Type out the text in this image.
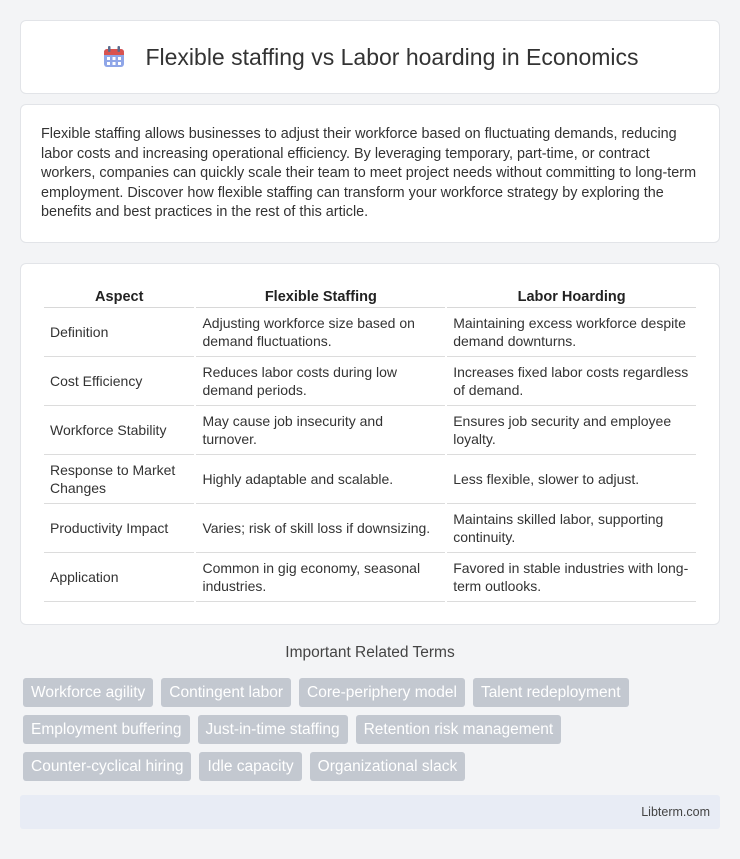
Flexible staffing vs Labor hoarding in Economics

Flexible staffing allows businesses to adjust their workforce based on fluctuating demands, reducing labor costs and increasing operational efficiency. By leveraging temporary, part-time, or contract workers, companies can quickly scale their team to meet project needs without committing to long-term employment. Discover how flexible staffing can transform your workforce strategy by exploring the benefits and best practices in the rest of this article.

Aspect	Flexible Staffing	Labor Hoarding
Definition	Adjusting workforce size based on demand fluctuations.	Maintaining excess workforce despite demand downturns.
Cost Efficiency	Reduces labor costs during low demand periods.	Increases fixed labor costs regardless of demand.
Workforce Stability	May cause job insecurity and turnover.	Ensures job security and employee loyalty.
Response to Market Changes	Highly adaptable and scalable.	Less flexible, slower to adjust.
Productivity Impact	Varies; risk of skill loss if downsizing.	Maintains skilled labor, supporting continuity.
Application	Common in gig economy, seasonal industries.	Favored in stable industries with long-term outlooks.
Important Related Terms
Workforce agility	Contingent labor	Core-periphery model	Talent redeployment
Employment buffering	Just-in-time staffing	Retention risk management
Counter-cyclical hiring	Idle capacity	Organizational slack
Libterm.com
